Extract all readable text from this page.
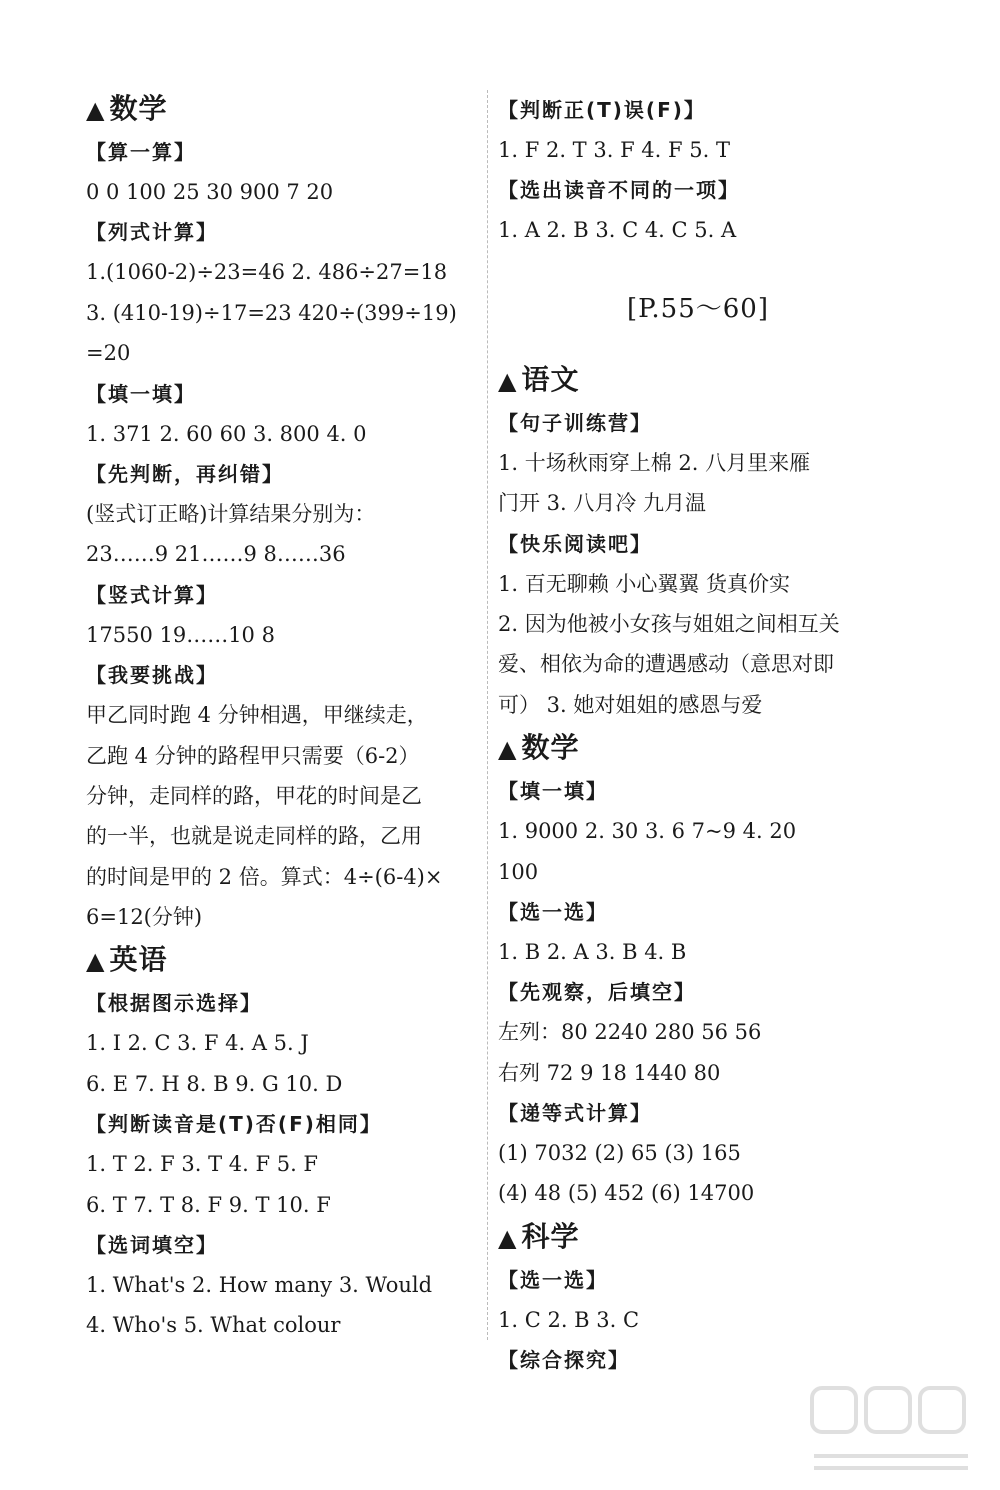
▲ 数学
【算一算】
0 0 100 25 30 900 7 20
【列式计算】
1.(1060-2)÷23=46 2. 486÷27=18
3. (410-19)÷17=23 420÷(399÷19)
=20
【填一填】
1. 371 2. 60 60 3. 800 4. 0
【先判断，再纠错】
(竖式订正略)计算结果分别为：
23……9 21……9 8……36
【竖式计算】
17550 19……10 8
【我要挑战】
甲乙同时跑 4 分钟相遇，甲继续走，
乙跑 4 分钟的路程甲只需要（6-2）
分钟，走同样的路，甲花的时间是乙
的一半，也就是说走同样的路，乙用
的时间是甲的 2 倍。算式：4÷(6-4)×
6=12(分钟)
▲ 英语
【根据图示选择】
1. I 2. C 3. F 4. A 5. J
6. E 7. H 8. B 9. G 10. D
【判断读音是(T)否(F)相同】
1. T 2. F 3. T 4. F 5. F
6. T 7. T 8. F 9. T 10. F
【选词填空】
1. What's 2. How many 3. Would
4. Who's 5. What colour
【判断正(T)误(F)】
1. F 2. T 3. F 4. F 5. T
【选出读音不同的一项】
1. A 2. B 3. C 4. C 5. A
[P.55～60]
▲ 语文
【句子训练营】
1. 十场秋雨穿上棉 2. 八月里来雁
门开 3. 八月冷 九月温
【快乐阅读吧】
1. 百无聊赖 小心翼翼 货真价实
2. 因为他被小女孩与姐姐之间相互关
爱、相依为命的遭遇感动（意思对即
可） 3. 她对姐姐的感恩与爱
▲ 数学
【填一填】
1. 9000 2. 30 3. 6 7~9 4. 20
100
【选一选】
1. B 2. A 3. B 4. B
【先观察，后填空】
左列：80 2240 280 56 56
右列 72 9 18 1440 80
【递等式计算】
(1) 7032 (2) 65 (3) 165
(4) 48 (5) 452 (6) 14700
▲ 科学
【选一选】
1. C 2. B 3. C
【综合探究】
